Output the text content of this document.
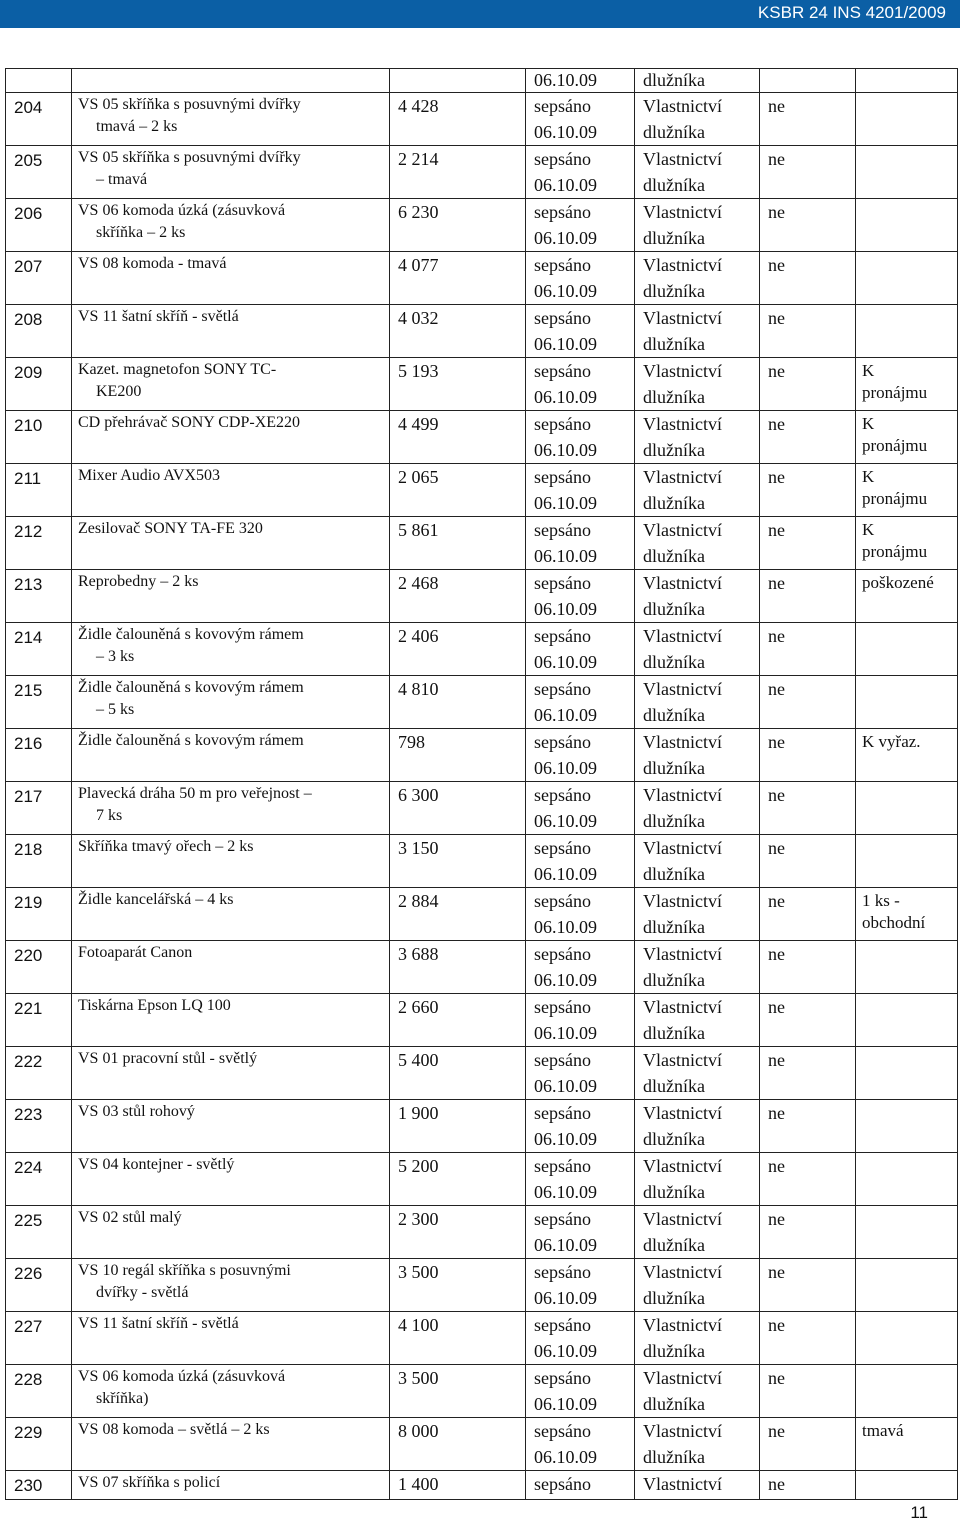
KSBR 24 INS 4201/2009
			06.10.09	dlužníka		
204	VS 05 skříňka s posuvnými dvířky
tmavá – 2 ks	4 428	sepsáno
06.10.09	Vlastnictví
dlužníka	ne	

205	VS 05 skříňka s posuvnými dvířky
– tmavá	2 214	sepsáno
06.10.09	Vlastnictví
dlužníka	ne	

206	VS 06 komoda úzká (zásuvková
skříňka – 2 ks	6 230	sepsáno
06.10.09	Vlastnictví
dlužníka	ne	

207	VS 08 komoda - tmavá	4 077	sepsáno
06.10.09	Vlastnictví
dlužníka	ne	

208	VS 11 šatní skříň - světlá	4 032	sepsáno
06.10.09	Vlastnictví
dlužníka	ne	

209	Kazet. magnetofon SONY TC-
KE200	5 193	sepsáno
06.10.09	Vlastnictví
dlužníka	ne	K
pronájmu

210	CD přehrávač SONY CDP-XE220	4 499	sepsáno
06.10.09	Vlastnictví
dlužníka	ne	K
pronájmu

211	Mixer Audio AVX503	2 065	sepsáno
06.10.09	Vlastnictví
dlužníka	ne	K
pronájmu

212	Zesilovač SONY TA-FE 320	5 861	sepsáno
06.10.09	Vlastnictví
dlužníka	ne	K
pronájmu

213	Reprobedny – 2 ks	2 468	sepsáno
06.10.09	Vlastnictví
dlužníka	ne	poškozené

214	Židle čalouněná s kovovým rámem
– 3 ks	2 406	sepsáno
06.10.09	Vlastnictví
dlužníka	ne	

215	Židle čalouněná s kovovým rámem
– 5 ks	4 810	sepsáno
06.10.09	Vlastnictví
dlužníka	ne	

216	Židle čalouněná s kovovým rámem	798	sepsáno
06.10.09	Vlastnictví
dlužníka	ne	K vyřaz.

217	Plavecká dráha 50 m pro veřejnost –
7 ks	6 300	sepsáno
06.10.09	Vlastnictví
dlužníka	ne	

218	Skříňka tmavý ořech – 2 ks	3 150	sepsáno
06.10.09	Vlastnictví
dlužníka	ne	

219	Židle kancelářská – 4 ks	2 884	sepsáno
06.10.09	Vlastnictví
dlužníka	ne	1 ks -
obchodní

220	Fotoaparát Canon	3 688	sepsáno
06.10.09	Vlastnictví
dlužníka	ne	

221	Tiskárna Epson LQ 100	2 660	sepsáno
06.10.09	Vlastnictví
dlužníka	ne	

222	VS 01 pracovní stůl - světlý	5 400	sepsáno
06.10.09	Vlastnictví
dlužníka	ne	

223	VS 03 stůl rohový	1 900	sepsáno
06.10.09	Vlastnictví
dlužníka	ne	

224	VS 04 kontejner - světlý	5 200	sepsáno
06.10.09	Vlastnictví
dlužníka	ne	

225	VS 02 stůl malý	2 300	sepsáno
06.10.09	Vlastnictví
dlužníka	ne	

226	VS 10 regál skříňka s posuvnými
dvířky - světlá	3 500	sepsáno
06.10.09	Vlastnictví
dlužníka	ne	

227	VS 11 šatní skříň - světlá	4 100	sepsáno
06.10.09	Vlastnictví
dlužníka	ne	

228	VS 06 komoda úzká (zásuvková
skříňka)	3 500	sepsáno
06.10.09	Vlastnictví
dlužníka	ne	

229	VS 08 komoda – světlá – 2 ks	8 000	sepsáno
06.10.09	Vlastnictví
dlužníka	ne	tmavá

230	VS 07 skříňka s policí	1 400	sepsáno	Vlastnictví	ne	
11
